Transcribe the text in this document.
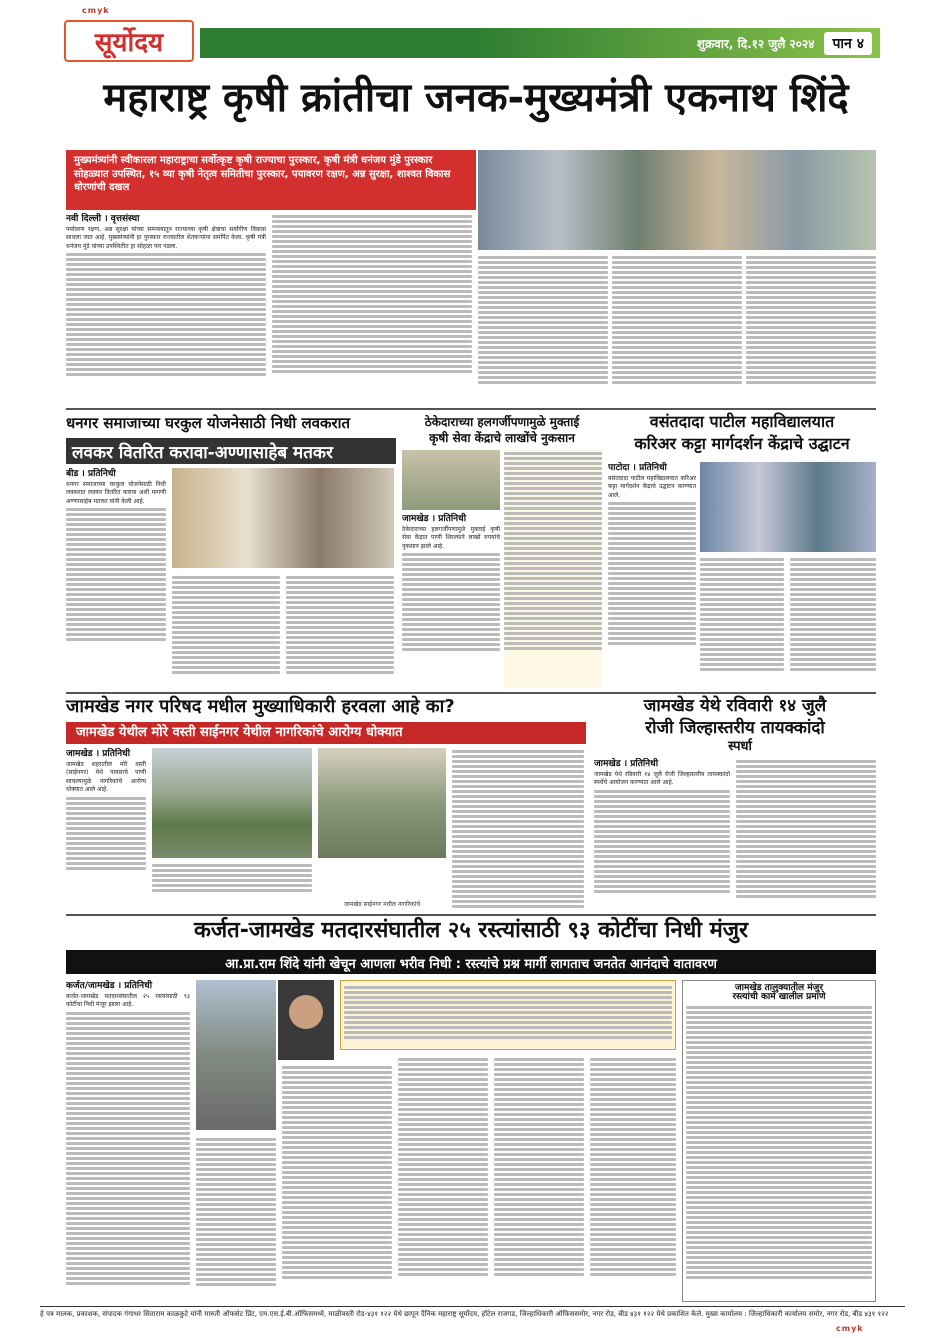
cmyk
cmyk
शुक्रवार, दि.१२ जुलै २०२४	पान ४
सूर्योदय
महाराष्ट्र कृषी क्रांतीचा जनक-मुख्यमंत्री एकनाथ शिंदे
मुख्यमंत्र्यांनी स्वीकारला महाराष्ट्राचा सर्वोत्कृष्ट कृषी राज्याचा पुरस्कार, कृषी मंत्री धनंजय मुंडे पुरस्कार सोहळ्यात उपस्थित, १५ व्या कृषी नेतृत्व समितीचा पुरस्कार, पयावरण रक्षण, अन्न सुरक्षा, शाश्वत विकास धोरणांची दखल
नवी दिल्ली । वृत्तसंस्था
पर्यावरण रक्षण, अन्न सुरक्षा यांच्या समन्वयातून राज्याच्या कृषी क्षेत्राचा सर्वांगीण विकास साधला जात आहे. मुख्यमंत्र्यांनी हा पुरस्कार राज्यातील शेतकऱ्यांना समर्पित केला. कृषी मंत्री धनंजय मुंडे यांच्या उपस्थितीत हा सोहळा पार पडला.
धनगर समाजाच्या घरकुल योजनेसाठी निधी लवकरात
लवकर वितरित करावा-अण्णासाहेब मतकर
बीड । प्रतिनिधी
धनगर समाजाच्या घरकुल योजनेसाठी निधी लवकरात लवकर वितरित करावा अशी मागणी अण्णासाहेब मतकर यांनी केली आहे.
ठेकेदाराच्या हलगर्जीपणामुळे मुक्ताई
कृषी सेवा केंद्राचे लाखोंचे नुकसान
जामखेड । प्रतिनिधी
ठेकेदाराच्या हलगर्जीपणामुळे मुक्ताई कृषी सेवा केंद्रात पाणी शिरल्याने लाखो रुपयांचे नुकसान झाले आहे.
वसंतदादा पाटील महाविद्यालयात
करिअर कट्टा मार्गदर्शन केंद्राचे उद्घाटन
पाटोदा । प्रतिनिधी
वसंतदादा पाटील महाविद्यालयात करिअर कट्टा मार्गदर्शन केंद्राचे उद्घाटन करण्यात आले.
जामखेड नगर परिषद मधील मुख्याधिकारी हरवला आहे का?
जामखेड येथील मोरे वस्ती साईनगर येथील नागरिकांचे आरोग्य धोक्यात
जामखेड । प्रतिनिधी
जामखेड शहरातील मोरे वस्ती (साईनगर) येथे पावसाचे पाणी साचल्यामुळे नागरिकांचे आरोग्य धोक्यात आले आहे.
जामखेड साईनगर मधील नागरिकांचे
जामखेड येथे रविवारी १४ जुलै
रोजी जिल्हास्तरीय तायक्कांदो
स्पर्धा
जामखेड । प्रतिनिधी
जामखेड येथे रविवारी १४ जुलै रोजी जिल्हास्तरीय तायक्कांदो स्पर्धेचे आयोजन करण्यात आले आहे.
कर्जत-जामखेड मतदारसंघातील २५ रस्त्यांसाठी ९३ कोटींचा निधी मंजुर
आ.प्रा.राम शिंदे यांनी खेचून आणला भरीव निधी : रस्त्यांचे प्रश्न मार्गी लागताच जनतेत आनंदाचे वातावरण
कर्जत/जामखेड । प्रतिनिधी
कर्जत-जामखेड मतदारसंघातील २५ रस्त्यांसाठी ९३ कोटींचा निधी मंजूर झाला आहे.
जामखेड तालुक्यातील मंजुर
रस्त्यांची कामे खालील प्रमाणे
हे पत्र मालक, प्रकाशक, संपादक गंगाधर सिताराम काळकुटे यांनी मारुती ऑफसेट प्रिंट, एम.एस.ई.बी.ऑफिसमध्ये, माळीवस्ती रोड-४३१ १२२ येथे छापून दैनिक महाराष्ट्र सूर्योदय, हॉटेल राजगड, जिल्हाधिकारी ऑफिससमोर, नगर रोड, बीड ४३१ १२२ येथे प्रकाशित केले. मुख्य कार्यालय : जिल्हाधिकारी कार्यालय समोर, नगर रोड, बीड ४३१ १२२
